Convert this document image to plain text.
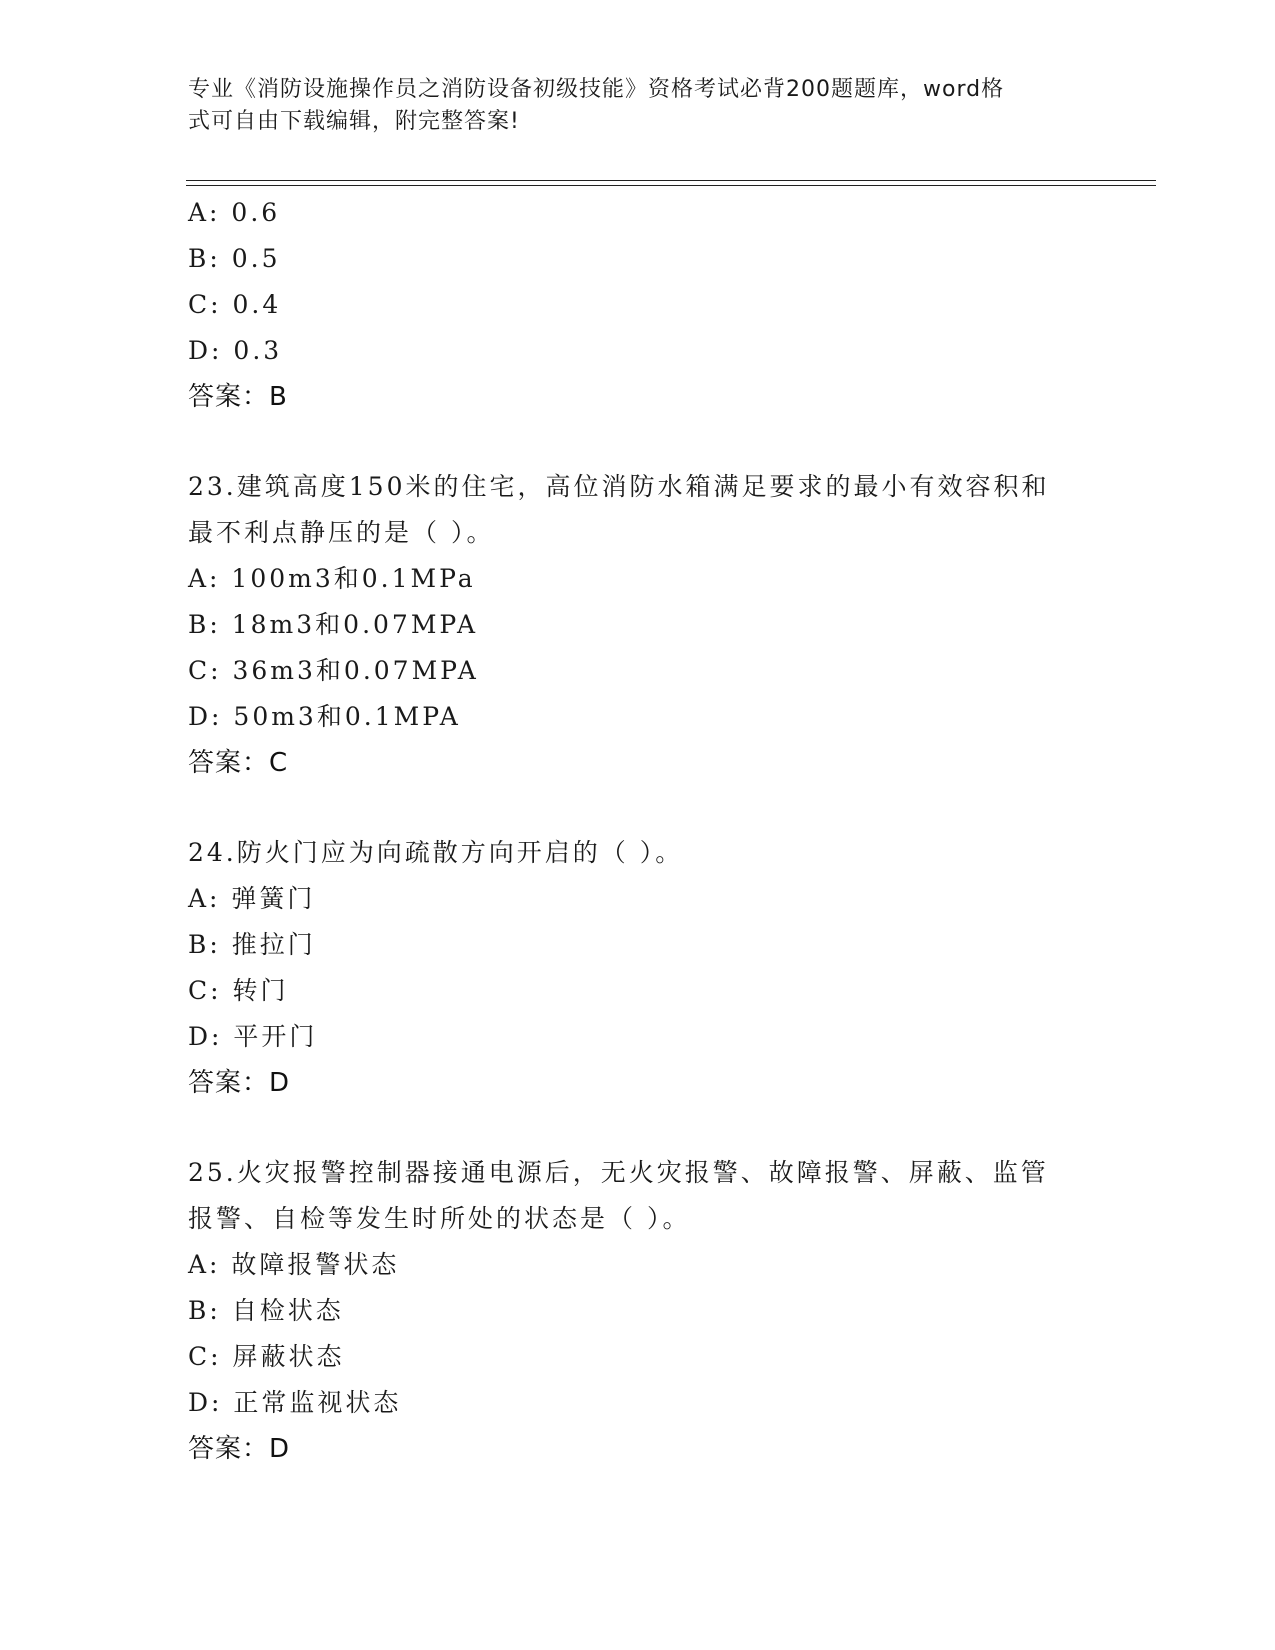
专业《消防设施操作员之消防设备初级技能》资格考试必背200题题库，word格
式可自由下载编辑，附完整答案!
A: 0.6
B: 0.5
C: 0.4
D: 0.3
答案：B
23.建筑高度150米的住宅，高位消防水箱满足要求的最小有效容积和
最不利点静压的是（ ）。
A: 100m3和0.1MPa
B: 18m3和0.07MPA
C: 36m3和0.07MPA
D: 50m3和0.1MPA
答案：C
24.防火门应为向疏散方向开启的（ ）。
A: 弹簧门
B: 推拉门
C: 转门
D: 平开门
答案：D
25.火灾报警控制器接通电源后，无火灾报警、故障报警、屏蔽、监管
报警、自检等发生时所处的状态是（ ）。
A: 故障报警状态
B: 自检状态
C: 屏蔽状态
D: 正常监视状态
答案：D
